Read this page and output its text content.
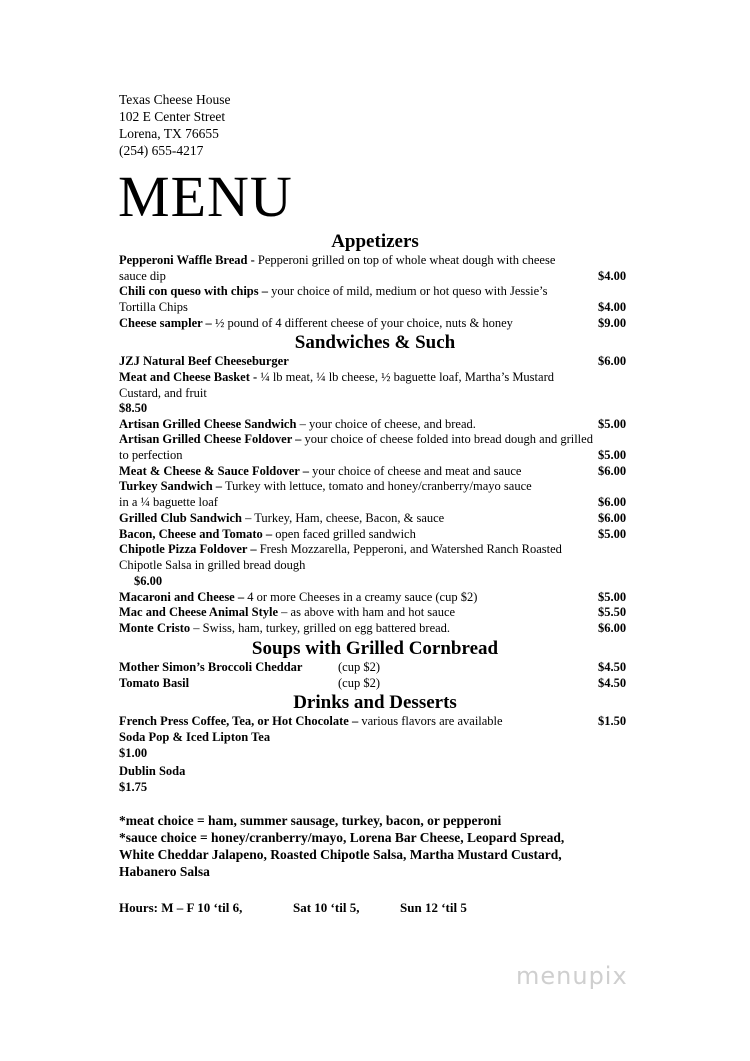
Texas Cheese House
102 E Center Street
Lorena, TX 76655
(254) 655-4217
MENU
Appetizers
Pepperoni Waffle Bread - Pepperoni grilled on top of whole wheat dough with cheese
sauce dip	$4.00
Chili con queso with chips – your choice of mild, medium or hot queso with Jessie’s
Tortilla Chips	$4.00
Cheese sampler – ½ pound of 4 different cheese of your choice, nuts & honey	$9.00
Sandwiches & Such
JZJ Natural Beef Cheeseburger	$6.00
Meat and Cheese Basket - ¼ lb meat, ¼ lb cheese, ½ baguette loaf, Martha’s Mustard
Custard, and fruit
$8.50
Artisan Grilled Cheese Sandwich – your choice of cheese, and bread.	$5.00
Artisan Grilled Cheese Foldover – your choice of cheese folded into bread dough and grilled
to perfection	$5.00
Meat & Cheese & Sauce Foldover – your choice of cheese and meat and sauce	$6.00
Turkey Sandwich – Turkey with lettuce, tomato and honey/cranberry/mayo sauce
in a ¼ baguette loaf	$6.00
Grilled Club Sandwich – Turkey, Ham, cheese, Bacon, & sauce	$6.00
Bacon, Cheese and Tomato – open faced grilled sandwich	$5.00
Chipotle Pizza Foldover – Fresh Mozzarella, Pepperoni, and Watershed Ranch Roasted
Chipotle Salsa in grilled bread dough
$6.00
Macaroni and Cheese – 4 or more Cheeses in a creamy sauce (cup $2)	$5.00
Mac and Cheese Animal Style – as above with ham and hot sauce	$5.50
Monte Cristo – Swiss, ham, turkey, grilled on egg battered bread.	$6.00
Soups with Grilled Cornbread
Mother Simon’s Broccoli Cheddar	(cup $2)	$4.50
Tomato Basil	(cup $2)	$4.50
Drinks and Desserts
French Press Coffee, Tea, or Hot Chocolate – various flavors are available	$1.50
Soda Pop & Iced Lipton Tea
$1.00
Dublin Soda
$1.75
*meat choice = ham, summer sausage, turkey, bacon, or pepperoni
*sauce choice = honey/cranberry/mayo, Lorena Bar Cheese, Leopard Spread,
White Cheddar Jalapeno, Roasted Chipotle Salsa, Martha Mustard Custard,
Habanero Salsa
Hours: M – F 10 ‘til 6,	Sat 10 ‘til 5,	Sun 12 ‘til 5
menupix
